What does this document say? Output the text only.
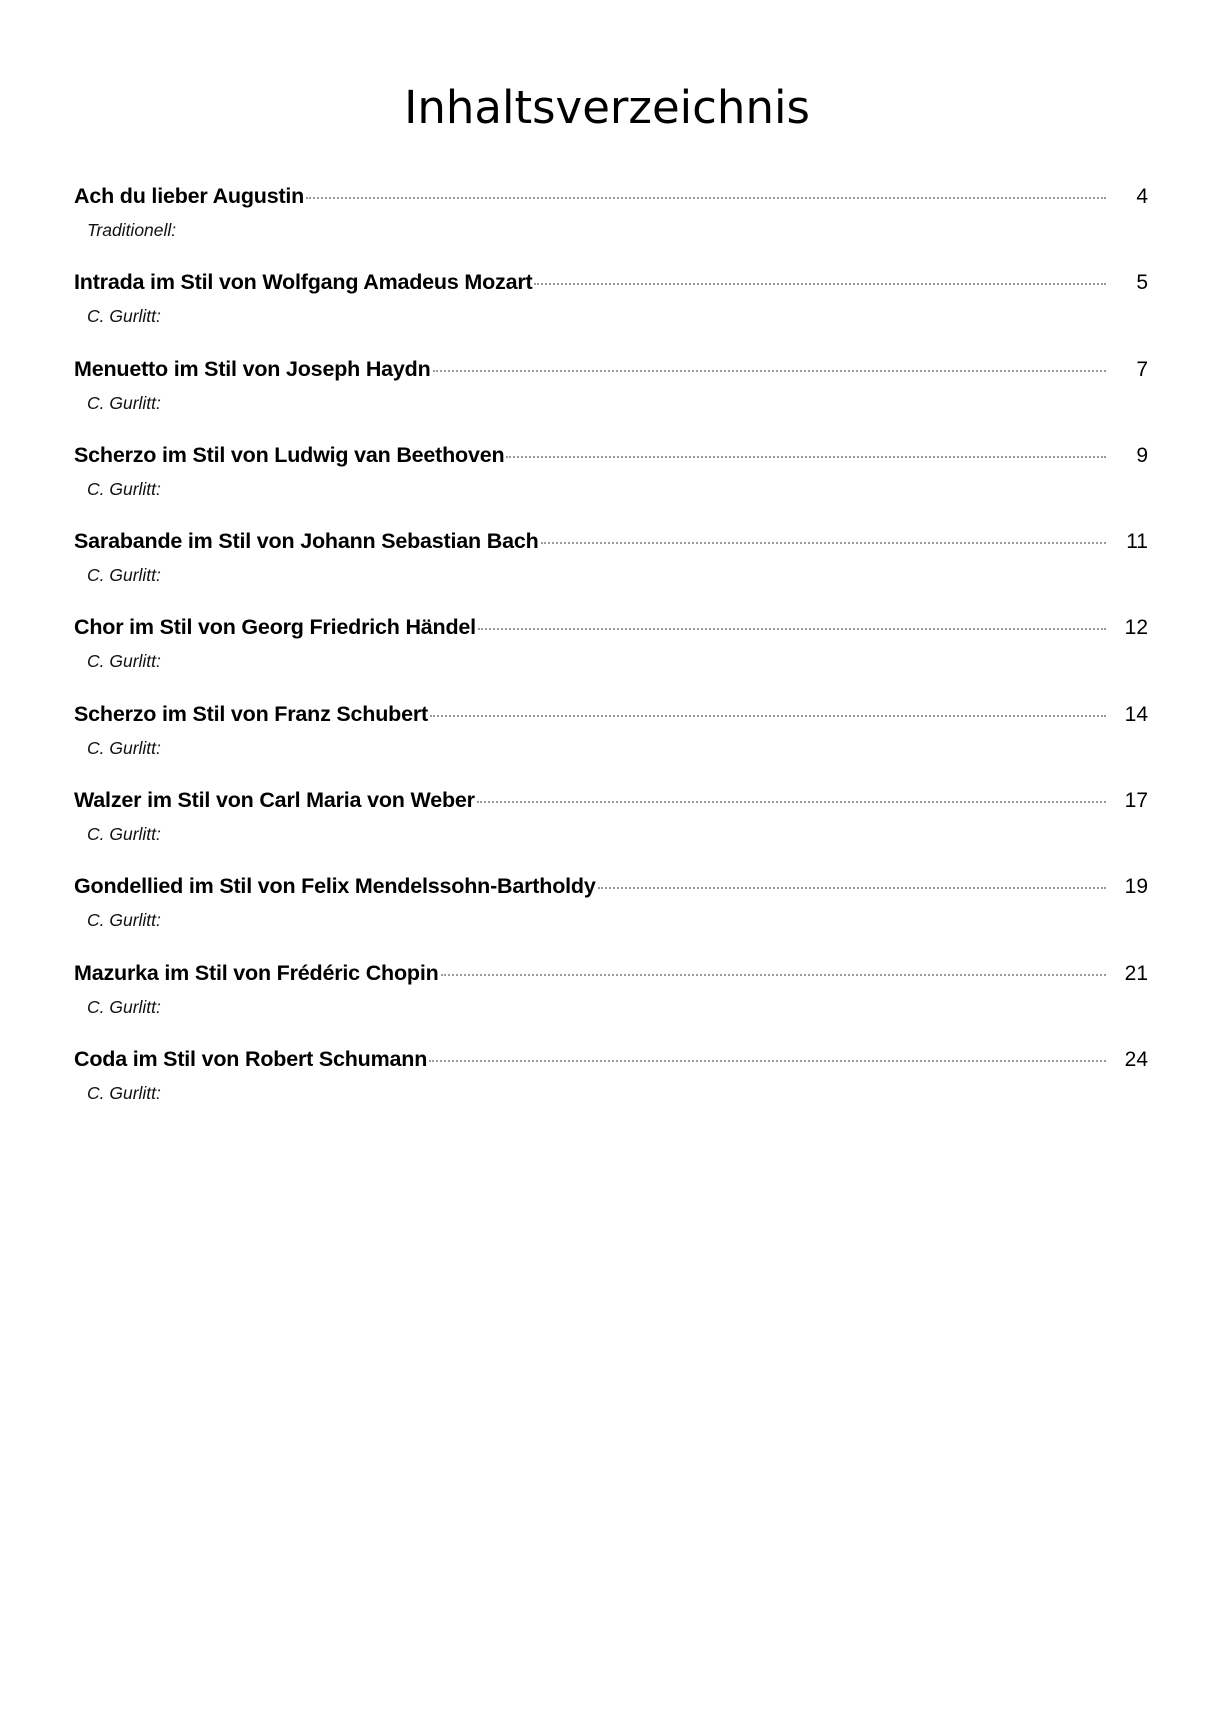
Inhaltsverzeichnis
Ach du lieber Augustin	4
Traditionell:
Intrada im Stil von Wolfgang Amadeus Mozart	5
C. Gurlitt:
Menuetto im Stil von Joseph Haydn	7
C. Gurlitt:
Scherzo im Stil von Ludwig van Beethoven	9
C. Gurlitt:
Sarabande im Stil von Johann Sebastian Bach	11
C. Gurlitt:
Chor im Stil von Georg Friedrich Händel	12
C. Gurlitt:
Scherzo im Stil von Franz Schubert	14
C. Gurlitt:
Walzer im Stil von Carl Maria von Weber	17
C. Gurlitt:
Gondellied im Stil von Felix Mendelssohn-Bartholdy	19
C. Gurlitt:
Mazurka im Stil von Frédéric Chopin	21
C. Gurlitt:
Coda im Stil von Robert Schumann	24
C. Gurlitt:
